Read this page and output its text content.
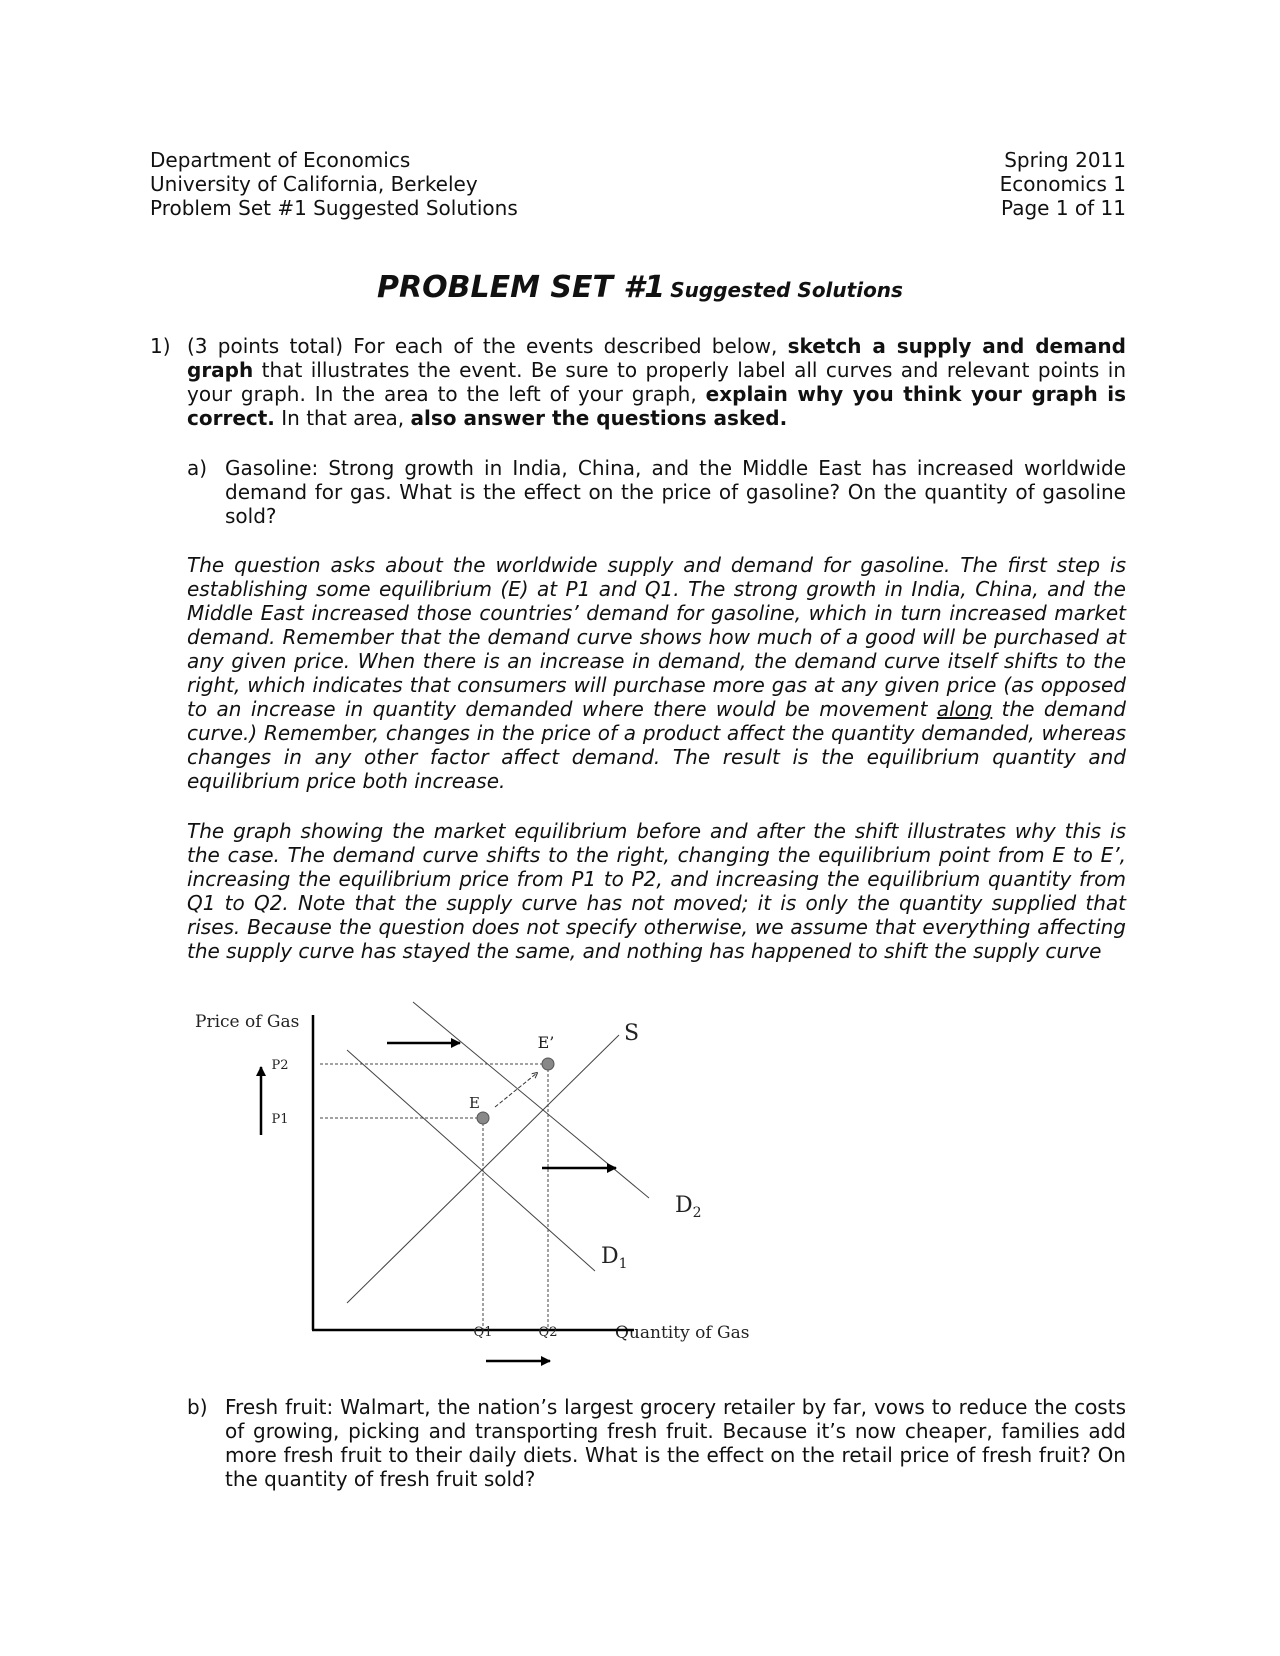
Department of Economics
University of California, Berkeley
Problem Set #1 Suggested Solutions
Spring 2011
Economics 1
Page 1 of 11
PROBLEM SET #1 Suggested Solutions
1) (3 points total) For each of the events described below, sketch a supply and demand graph that illustrates the event. Be sure to properly label all curves and relevant points in your graph. In the area to the left of your graph, explain why you think your graph is correct. In that area, also answer the questions asked.
a) Gasoline: Strong growth in India, China, and the Middle East has increased worldwide demand for gas. What is the effect on the price of gasoline? On the quantity of gasoline sold?
The question asks about the worldwide supply and demand for gasoline. The first step is establishing some equilibrium (E) at P1 and Q1. The strong growth in India, China, and the Middle East increased those countries’ demand for gasoline, which in turn increased market demand. Remember that the demand curve shows how much of a good will be purchased at any given price. When there is an increase in demand, the demand curve itself shifts to the right, which indicates that consumers will purchase more gas at any given price (as opposed to an increase in quantity demanded where there would be movement along the demand curve.) Remember, changes in the price of a product affect the quantity demanded, whereas changes in any other factor affect demand. The result is the equilibrium quantity and equilibrium price both increase.
The graph showing the market equilibrium before and after the shift illustrates why this is the case. The demand curve shifts to the right, changing the equilibrium point from E to E’, increasing the equilibrium price from P1 to P2, and increasing the equilibrium quantity from Q1 to Q2. Note that the supply curve has not moved; it is only the quantity supplied that rises. Because the question does not specify otherwise, we assume that everything affecting the supply curve has stayed the same, and nothing has happened to shift the supply curve
Price of Gas
Quantity of Gas
E
E’	S
$D_1$
$D_2$
P2
P1
Q1	Q2
b) Fresh fruit: Walmart, the nation’s largest grocery retailer by far, vows to reduce the costs of growing, picking and transporting fresh fruit. Because it’s now cheaper, families add more fresh fruit to their daily diets. What is the effect on the retail price of fresh fruit? On the quantity of fresh fruit sold?
